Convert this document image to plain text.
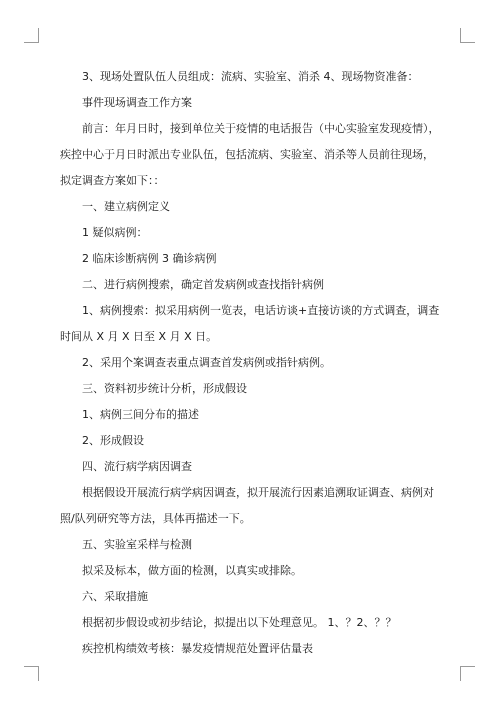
3、现场处置队伍人员组成：流病、实验室、消杀 4、现场物资准备：

事件现场调查工作方案

前言：年月日时，接到单位关于疫情的电话报告（中心实验室发现疫情），疾控中心于月日时派出专业队伍，包括流病、实验室、消杀等人员前往现场，拟定调查方案如下：：

一、建立病例定义

1 疑似病例：

2 临床诊断病例 3 确诊病例

二、进行病例搜索，确定首发病例或查找指针病例

1、病例搜索：拟采用病例一览表，电话访谈+直接访谈的方式调查，调查时间从 X 月 X 日至 X 月 X 日。

2、采用个案调查表重点调查首发病例或指针病例。

三、资料初步统计分析，形成假设

1、病例三间分布的描述

2、形成假设

四、流行病学病因调查

根据假设开展流行病学病因调查，拟开展流行因素追溯取证调查、病例对照/队列研究等方法，具体再描述一下。

五、实验室采样与检测

拟采及标本，做方面的检测，以真实或排除。

六、采取措施

根据初步假设或初步结论，拟提出以下处理意见。 1、？2、？？

疾控机构绩效考核：暴发疫情规范处置评估量表
